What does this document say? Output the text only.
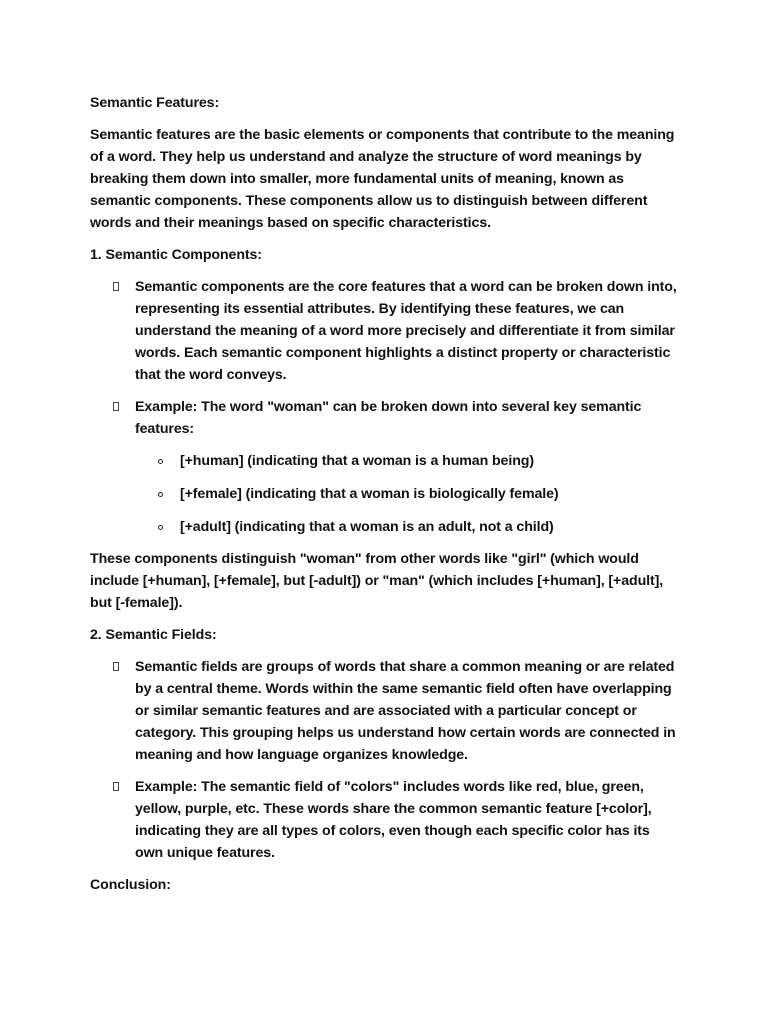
Semantic Features:
Semantic features are the basic elements or components that contribute to the meaning of a word. They help us understand and analyze the structure of word meanings by breaking them down into smaller, more fundamental units of meaning, known as semantic components. These components allow us to distinguish between different words and their meanings based on specific characteristics.
1. Semantic Components:
Semantic components are the core features that a word can be broken down into, representing its essential attributes. By identifying these features, we can understand the meaning of a word more precisely and differentiate it from similar words. Each semantic component highlights a distinct property or characteristic that the word conveys.
Example: The word "woman" can be broken down into several key semantic features:
[+human] (indicating that a woman is a human being)
[+female] (indicating that a woman is biologically female)
[+adult] (indicating that a woman is an adult, not a child)
These components distinguish "woman" from other words like "girl" (which would include [+human], [+female], but [-adult]) or "man" (which includes [+human], [+adult], but [-female]).
2. Semantic Fields:
Semantic fields are groups of words that share a common meaning or are related by a central theme. Words within the same semantic field often have overlapping or similar semantic features and are associated with a particular concept or category. This grouping helps us understand how certain words are connected in meaning and how language organizes knowledge.
Example: The semantic field of "colors" includes words like red, blue, green, yellow, purple, etc. These words share the common semantic feature [+color], indicating they are all types of colors, even though each specific color has its own unique features.
Conclusion:
